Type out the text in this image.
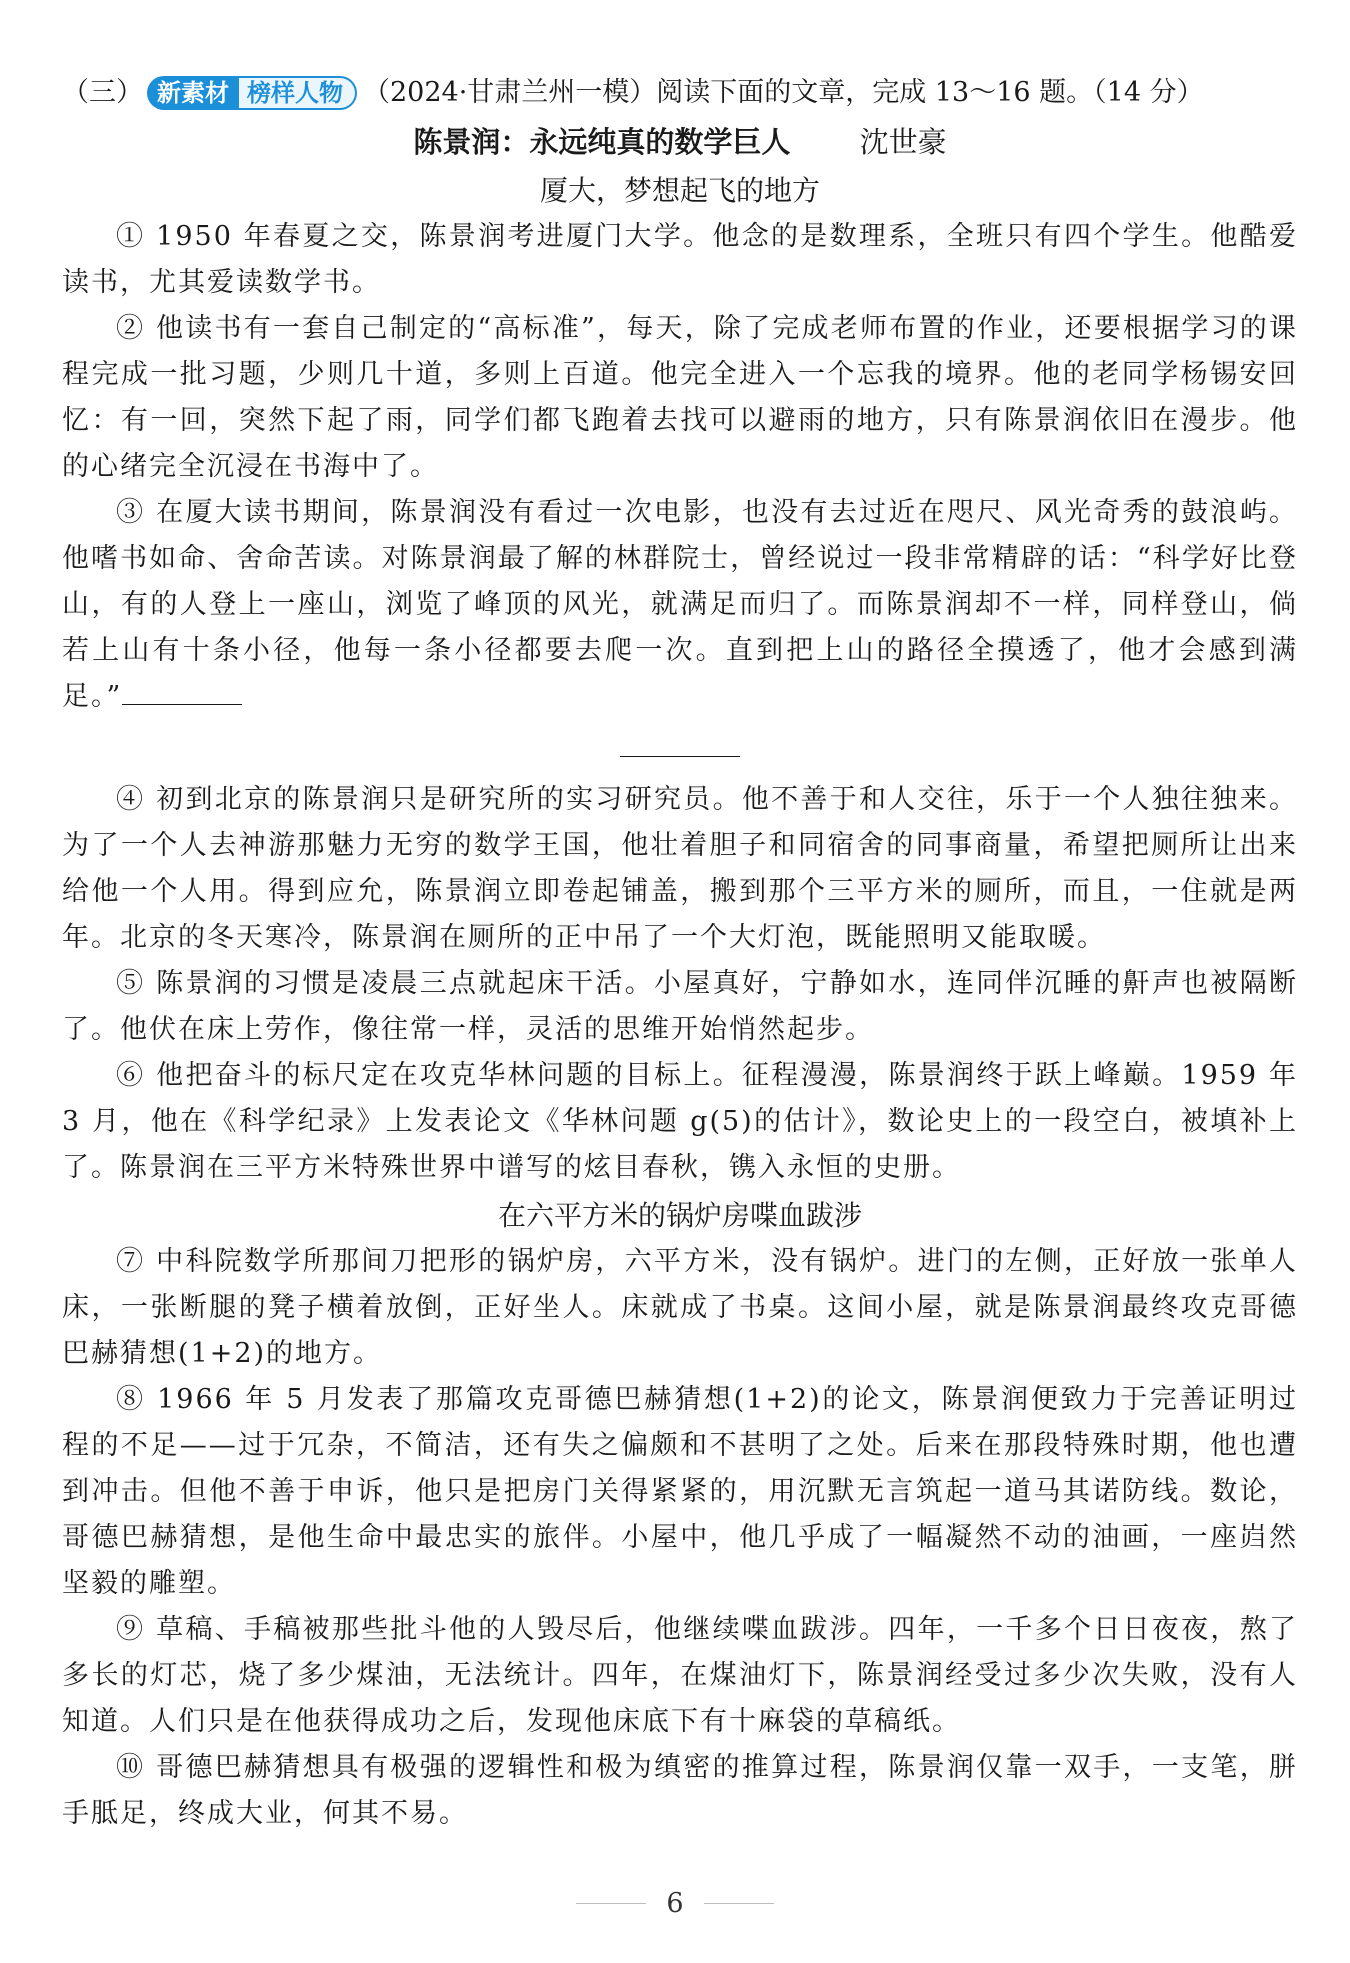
（三） 新素材 榜样人物 （2024·甘肃兰州一模）阅读下面的文章，完成 13～16 题。（14 分）
陈景润：永远纯真的数学巨人 沈世豪
厦大，梦想起飞的地方

① 1950 年春夏之交，陈景润考进厦门大学。他念的是数理系，全班只有四个学生。他酷爱读书，尤其爱读数学书。

② 他读书有一套自己制定的“高标准”，每天，除了完成老师布置的作业，还要根据学习的课程完成一批习题，少则几十道，多则上百道。他完全进入一个忘我的境界。他的老同学杨锡安回忆：有一回，突然下起了雨，同学们都飞跑着去找可以避雨的地方，只有陈景润依旧在漫步。他的心绪完全沉浸在书海中了。

③ 在厦大读书期间，陈景润没有看过一次电影，也没有去过近在咫尺、风光奇秀的鼓浪屿。他嗜书如命、舍命苦读。对陈景润最了解的林群院士，曾经说过一段非常精辟的话：“科学好比登山，有的人登上一座山，浏览了峰顶的风光，就满足而归了。而陈景润却不一样，同样登山，倘若上山有十条小径，他每一条小径都要去爬一次。直到把上山的路径全摸透了，他才会感到满足。”

④ 初到北京的陈景润只是研究所的实习研究员。他不善于和人交往，乐于一个人独往独来。为了一个人去神游那魅力无穷的数学王国，他壮着胆子和同宿舍的同事商量，希望把厕所让出来给他一个人用。得到应允，陈景润立即卷起铺盖，搬到那个三平方米的厕所，而且，一住就是两年。北京的冬天寒冷，陈景润在厕所的正中吊了一个大灯泡，既能照明又能取暖。

⑤ 陈景润的习惯是凌晨三点就起床干活。小屋真好，宁静如水，连同伴沉睡的鼾声也被隔断了。他伏在床上劳作，像往常一样，灵活的思维开始悄然起步。

⑥ 他把奋斗的标尺定在攻克华林问题的目标上。征程漫漫，陈景润终于跃上峰巅。1959 年 3 月，他在《科学纪录》上发表论文《华林问题 g(5)的估计》，数论史上的一段空白，被填补上了。陈景润在三平方米特殊世界中谱写的炫目春秋，镌入永恒的史册。

在六平方米的锅炉房喋血跋涉

⑦ 中科院数学所那间刀把形的锅炉房，六平方米，没有锅炉。进门的左侧，正好放一张单人床，一张断腿的凳子横着放倒，正好坐人。床就成了书桌。这间小屋，就是陈景润最终攻克哥德巴赫猜想(1+2)的地方。

⑧ 1966 年 5 月发表了那篇攻克哥德巴赫猜想(1+2)的论文，陈景润便致力于完善证明过程的不足——过于冗杂，不简洁，还有失之偏颇和不甚明了之处。后来在那段特殊时期，他也遭到冲击。但他不善于申诉，他只是把房门关得紧紧的，用沉默无言筑起一道马其诺防线。数论，哥德巴赫猜想，是他生命中最忠实的旅伴。小屋中，他几乎成了一幅凝然不动的油画，一座岿然坚毅的雕塑。

⑨ 草稿、手稿被那些批斗他的人毁尽后，他继续喋血跋涉。四年，一千多个日日夜夜，熬了多长的灯芯，烧了多少煤油，无法统计。四年，在煤油灯下，陈景润经受过多少次失败，没有人知道。人们只是在他获得成功之后，发现他床底下有十麻袋的草稿纸。

⑩ 哥德巴赫猜想具有极强的逻辑性和极为缜密的推算过程，陈景润仅靠一双手，一支笔，胼手胝足，终成大业，何其不易。

6
